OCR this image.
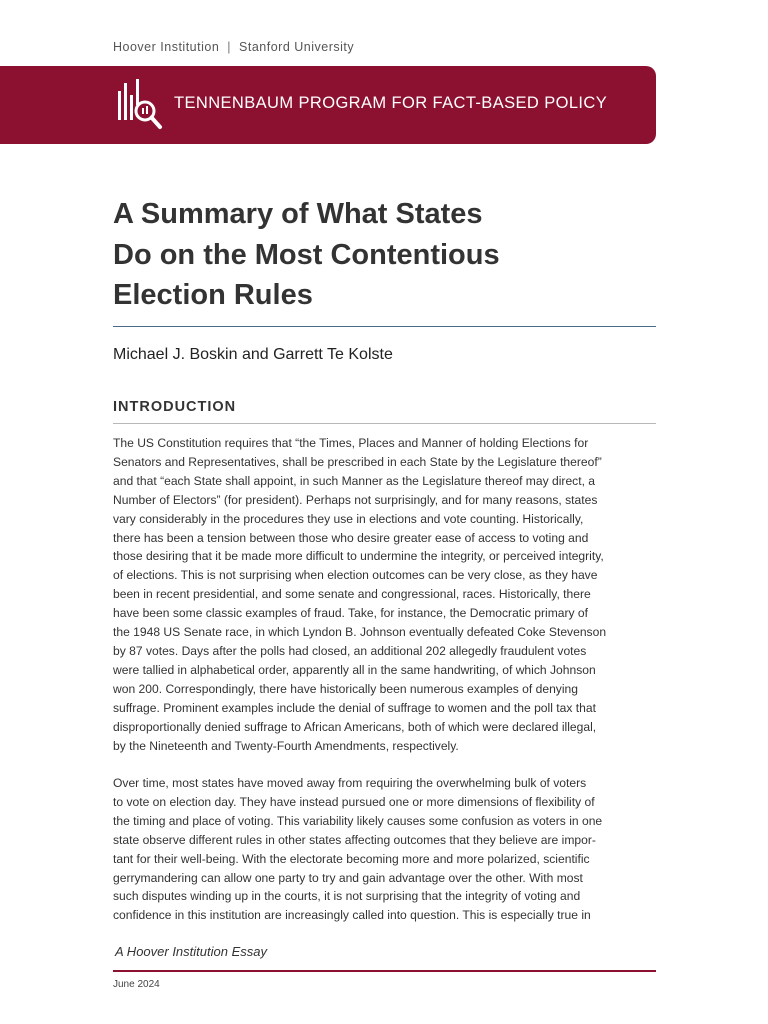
Hoover Institution | Stanford University
TENNENBAUM PROGRAM FOR FACT-BASED POLICY
A Summary of What States
Do on the Most Contentious
Election Rules
Michael J. Boskin and Garrett Te Kolste
INTRODUCTION

The US Constitution requires that “the Times, Places and Manner of holding Elections for
Senators and Representatives, shall be prescribed in each State by the Legislature thereof”
and that “each State shall appoint, in such Manner as the Legislature thereof may direct, a
Number of Electors” (for president). Perhaps not surprisingly, and for many reasons, states
vary considerably in the procedures they use in elections and vote counting. Historically,
there has been a tension between those who desire greater ease of access to voting and
those desiring that it be made more difficult to undermine the integrity, or perceived integrity,
of elections. This is not surprising when election outcomes can be very close, as they have
been in recent presidential, and some senate and congressional, races. Historically, there
have been some classic examples of fraud. Take, for instance, the Democratic primary of
the 1948 US Senate race, in which Lyndon B. Johnson eventually defeated Coke Stevenson
by 87 votes. Days after the polls had closed, an additional 202 allegedly fraudulent votes
were tallied in alphabetical order, apparently all in the same handwriting, of which Johnson
won 200. Correspondingly, there have historically been numerous examples of denying
suffrage. Prominent examples include the denial of suffrage to women and the poll tax that
disproportionally denied suffrage to African Americans, both of which were declared illegal,
by the Nineteenth and Twenty-Fourth Amendments, respectively.

Over time, most states have moved away from requiring the overwhelming bulk of voters
to vote on election day. They have instead pursued one or more dimensions of flexibility of
the timing and place of voting. This variability likely causes some confusion as voters in one
state observe different rules in other states affecting outcomes that they believe are impor-
tant for their well-being. With the electorate becoming more and more polarized, scientific
gerrymandering can allow one party to try and gain advantage over the other. With most
such disputes winding up in the courts, it is not surprising that the integrity of voting and
confidence in this institution are increasingly called into question. This is especially true in

A Hoover Institution Essay
June 2024
